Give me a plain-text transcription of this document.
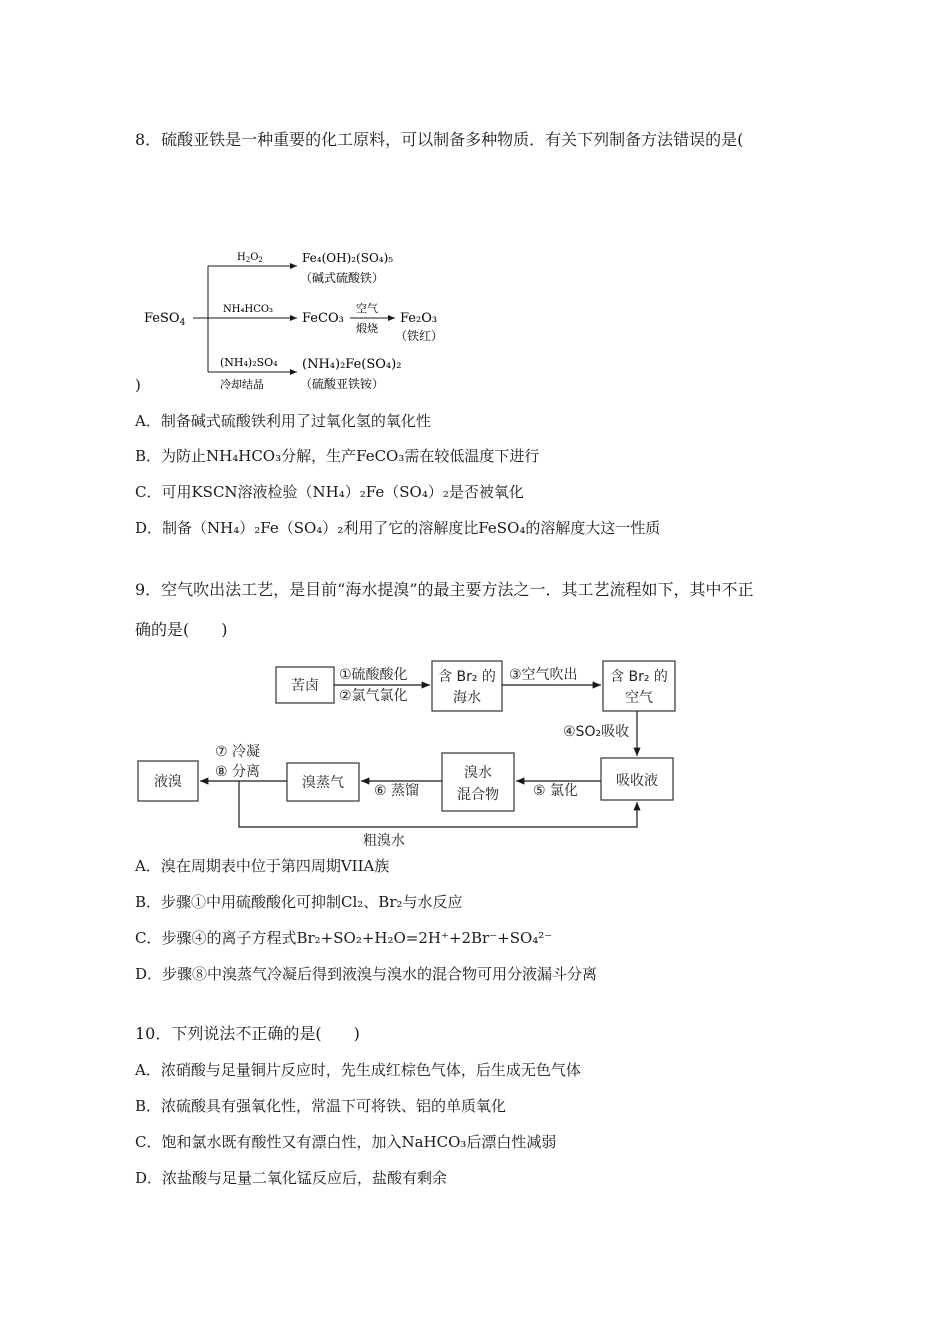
8．硫酸亚铁是一种重要的化工原料，可以制备多种物质．有关下列制备方法错误的是(
FeSO$_4$
$H_2O_2$	Fe₄(OH)₂(SO₄)₅
（碱式硫酸铁）
NH₄HCO₃
FeCO₃
空气
煅烧
Fe₂O₃
（铁红）
(NH₄)₂SO₄
冷却结晶
(NH₄)₂Fe(SO₄)₂
（硫酸亚铁铵）
)
A．制备碱式硫酸铁利用了过氧化氢的氧化性
B．为防止NH₄HCO₃分解，生产FeCO₃需在较低温度下进行
C．可用KSCN溶液检验（NH₄）₂Fe（SO₄）₂是否被氧化
D．制备（NH₄）₂Fe（SO₄）₂利用了它的溶解度比FeSO₄的溶解度大这一性质
9．空气吹出法工艺，是目前“海水提溴”的最主要方法之一．其工艺流程如下，其中不正
确的是(　　)
苦卤
①硫酸酸化
②氯气氯化
含 Br₂ 的
海水
③空气吹出 含 Br₂ 的
空气
④SO₂吸收
吸收液
⑤ 氯化
溴水
混合物
⑥ 蒸馏
溴蒸气
⑦ 冷凝
⑧ 分离
液溴
粗溴水
A．溴在周期表中位于第四周期VIIA族
B．步骤①中用硫酸酸化可抑制Cl₂、Br₂与水反应
C．步骤④的离子方程式Br₂+SO₂+H₂O=2H⁺+2Br⁻+SO₄²⁻
D．步骤⑧中溴蒸气冷凝后得到液溴与溴水的混合物可用分液漏斗分离
10．下列说法不正确的是(　　)
A．浓硝酸与足量铜片反应时，先生成红棕色气体，后生成无色气体
B．浓硫酸具有强氧化性，常温下可将铁、铝的单质氧化
C．饱和氯水既有酸性又有漂白性，加入NaHCO₃后漂白性减弱
D．浓盐酸与足量二氧化锰反应后，盐酸有剩余
